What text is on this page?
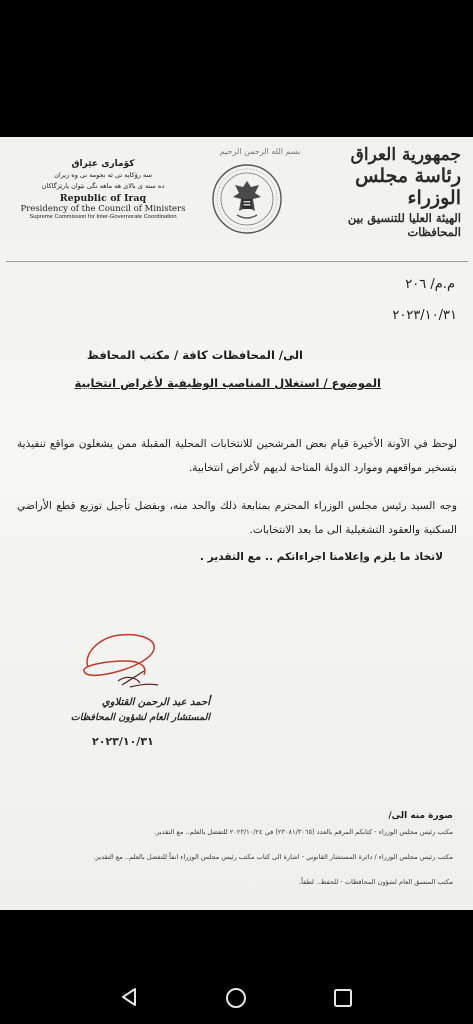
كۆماری عێراق
سه رۆكایه تی ئه نجومه نی وه زیران
ده سته ی بالای هه ماهه نگی نێوان پارێزگاكان
Republic of Iraq
Presidency of the Council of Ministers
Supreme Commission for Inter-Governorate Coordination
بسم الله الرحمن الرحيم	جمهورية العراق
رئاسة مجلس الوزراء
الهيئة العليا للتنسيق بين المحافظات
م.م/ ٢٠٦
٢٠٢٣/١٠/٣١
الى/ المحافظات كافة / مكتب المحافظ
الموضوع / استغلال المناصب الوظيفية لأغراض انتخابية
لوحظ في الآونة الأخيرة قيام بعض المرشحين للانتخابات المحلية المقبلة ممن يشغلون مواقع تنفيذية بتسخير مواقعهم وموارد الدولة المتاحة لديهم لأغراض انتخابية.
وجه السيد رئيس مجلس الوزراء المحترم بمتابعة ذلك والحد منه، وبفضل تأجيل توزيع قطع الأراضي السكنية والعقود التشغيلية الى ما بعد الانتخابات.
لاتخاذ ما يلزم وإعلامنا اجراءاتكم .. مع التقدير .
أحمد عبد الرحمن القتلاوي
المستشار العام لشؤون المحافظات
٢٠٢٣/١٠/٣١
صورة منه الى/
مكتب رئيس مجلس الوزراء - كتابكم المرقم بالعدد (٢٣٠٨١/٣٠٦٥) في ٢٠٢٣/١٠/٢٤ للتفضل بالعلم.. مع التقدير.
مكتب رئيس مجلس الوزراء / دائرة المستشار القانوني - اشارة الى كتاب مكتب رئيس مجلس الوزراء انفاً للتفضل بالعلم.. مع التقدير.
مكتب المنسق العام لشؤون المحافظات - للحفظ.. لطفاً.
